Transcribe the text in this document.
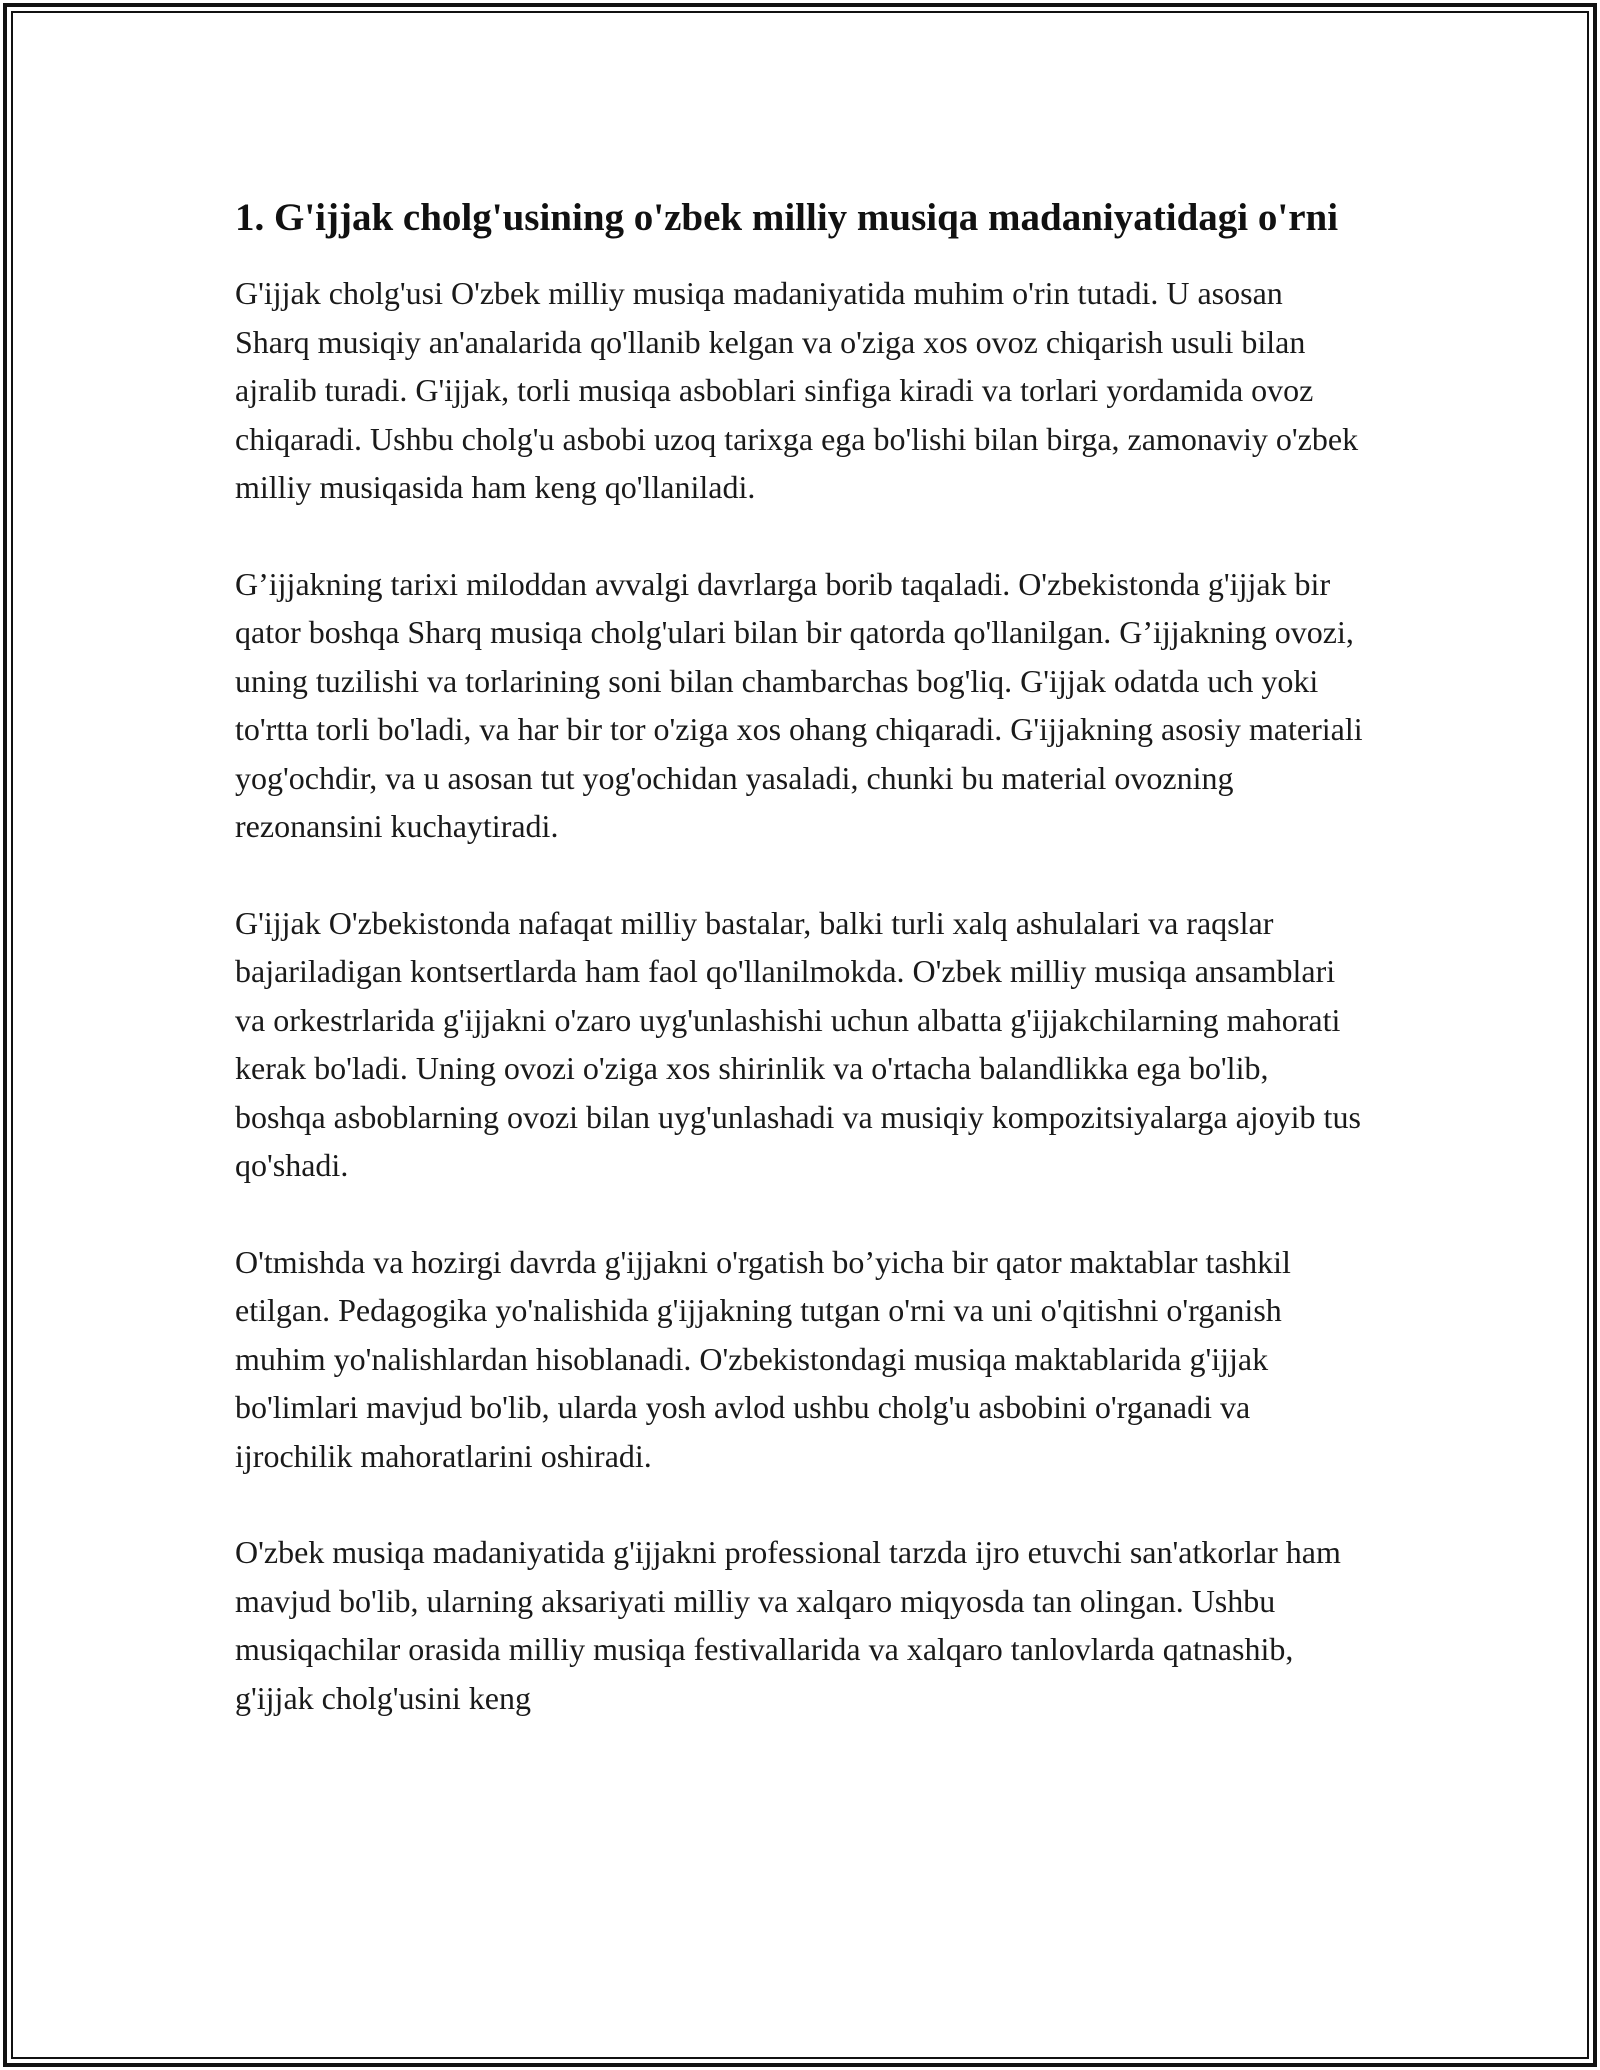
1. G'ijjak cholg'usining o'zbek milliy musiqa madaniyatidagi o'rni

G'ijjak cholg'usi O'zbek milliy musiqa madaniyatida muhim o'rin tutadi. U asosan Sharq musiqiy an'analarida qo'llanib kelgan va o'ziga xos ovoz chiqarish usuli bilan ajralib turadi. G'ijjak, torli musiqa asboblari sinfiga kiradi va torlari yordamida ovoz chiqaradi. Ushbu cholg'u asbobi uzoq tarixga ega bo'lishi bilan birga, zamonaviy o'zbek milliy musiqasida ham keng qo'llaniladi.

G’ijjakning tarixi miloddan avvalgi davrlarga borib taqaladi. O'zbekistonda g'ijjak bir qator boshqa Sharq musiqa cholg'ulari bilan bir qatorda qo'llanilgan. G’ijjakning ovozi, uning tuzilishi va torlarining soni bilan chambarchas bog'liq. G'ijjak odatda uch yoki to'rtta torli bo'ladi, va har bir tor o'ziga xos ohang chiqaradi. G'ijjakning asosiy materiali yog'ochdir, va u asosan tut yog'ochidan yasaladi, chunki bu material ovozning rezonansini kuchaytiradi.

G'ijjak O'zbekistonda nafaqat milliy bastalar, balki turli xalq ashulalari va raqslar bajariladigan kontsertlarda ham faol qo'llanilmokda. O'zbek milliy musiqa ansamblari va orkestrlarida g'ijjakni o'zaro uyg'unlashishi uchun albatta g'ijjakchilarning mahorati kerak bo'ladi. Uning ovozi o'ziga xos shirinlik va o'rtacha balandlikka ega bo'lib, boshqa asboblarning ovozi bilan uyg'unlashadi va musiqiy kompozitsiyalarga ajoyib tus qo'shadi.

O'tmishda va hozirgi davrda g'ijjakni o'rgatish bo’yicha bir qator maktablar tashkil etilgan. Pedagogika yo'nalishida g'ijjakning tutgan o'rni va uni o'qitishni o'rganish muhim yo'nalishlardan hisoblanadi. O'zbekistondagi musiqa maktablarida g'ijjak bo'limlari mavjud bo'lib, ularda yosh avlod ushbu cholg'u asbobini o'rganadi va ijrochilik mahoratlarini oshiradi.

O'zbek musiqa madaniyatida g'ijjakni professional tarzda ijro etuvchi san'atkorlar ham mavjud bo'lib, ularning aksariyati milliy va xalqaro miqyosda tan olingan. Ushbu musiqachilar orasida milliy musiqa festivallarida va xalqaro tanlovlarda qatnashib, g'ijjak cholg'usini keng
